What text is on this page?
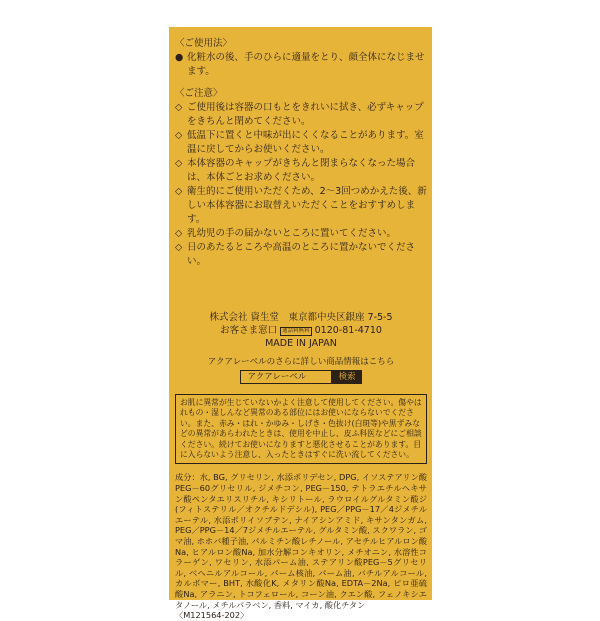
〈ご使用法〉
● 化粧水の後、手のひらに適量をとり、顔全体になじませます。
〈ご注意〉
◇ ご使用後は容器の口もとをきれいに拭き、必ずキャップをきちんと閉めてください。
◇ 低温下に置くと中味が出にくくなることがあります。室温に戻してからお使いください。
◇ 本体容器のキャップがきちんと閉まらなくなった場合は、本体ごとお求めください。
◇ 衛生的にご使用いただくため、2〜3回つめかえた後、新しい本体容器にお取替えいただくことをおすすめします。
◇ 乳幼児の手の届かないところに置いてください。
◇ 日のあたるところや高温のところに置かないでください。
株式会社 資生堂　東京都中央区銀座 7-5-5
お客さま窓口 通話料無料 0120-81-4710
MADE IN JAPAN
アクアレーベルのさらに詳しい商品情報はこちら
アクアレーベル	検索
お肌に異常が生じていないかよく注意して使用してください。傷やはれもの・湿しんなど異常のある部位にはお使いにならないでください。また、赤み・はれ・かゆみ・しげき・色抜け(白斑等)や黒ずみなどの異常があらわれたときは、使用を中止し、皮ふ科医などにご相談ください。続けてお使いになりますと悪化させることがあります。目に入らないよう注意し、入ったときはすぐに洗い流してください。
成分：水, BG, グリセリン, 水添ポリデセン, DPG, イソステアリン酸PEG－60グリセリル, ジメチコン, PEG－150, テトラエチルヘキサン酸ペンタエリスリチル, キシリトール, ラウロイルグルタミン酸ジ(フィトステリル／オクチルドデシル), PEG／PPG－17／4ジメチルエーテル, 水添ポリイソブテン, ナイアシンアミド, キサンタンガム, PEG／PPG－14／7ジメチルエーテル, グルタミン酸, スクワラン, ゴマ油, ホホバ種子油, パルミチン酸レチノール, アセチルヒアルロン酸Na, ヒアルロン酸Na, 加水分解コンキオリン, メチオニン, 水溶性コラーゲン, ワセリン, 水添パーム油, ステアリン酸PEG－5グリセリル, ベヘニルアルコール, パーム核油, パーム油, バチルアルコール, カルボマー, BHT, 水酸化K, メタリン酸Na, EDTA－2Na, ピロ亜硫酸Na, アラニン, トコフェロール, コーン油, クエン酸, フェノキシエタノール, メチルパラベン, 香料, マイカ, 酸化チタン
〈M121564-202〉
